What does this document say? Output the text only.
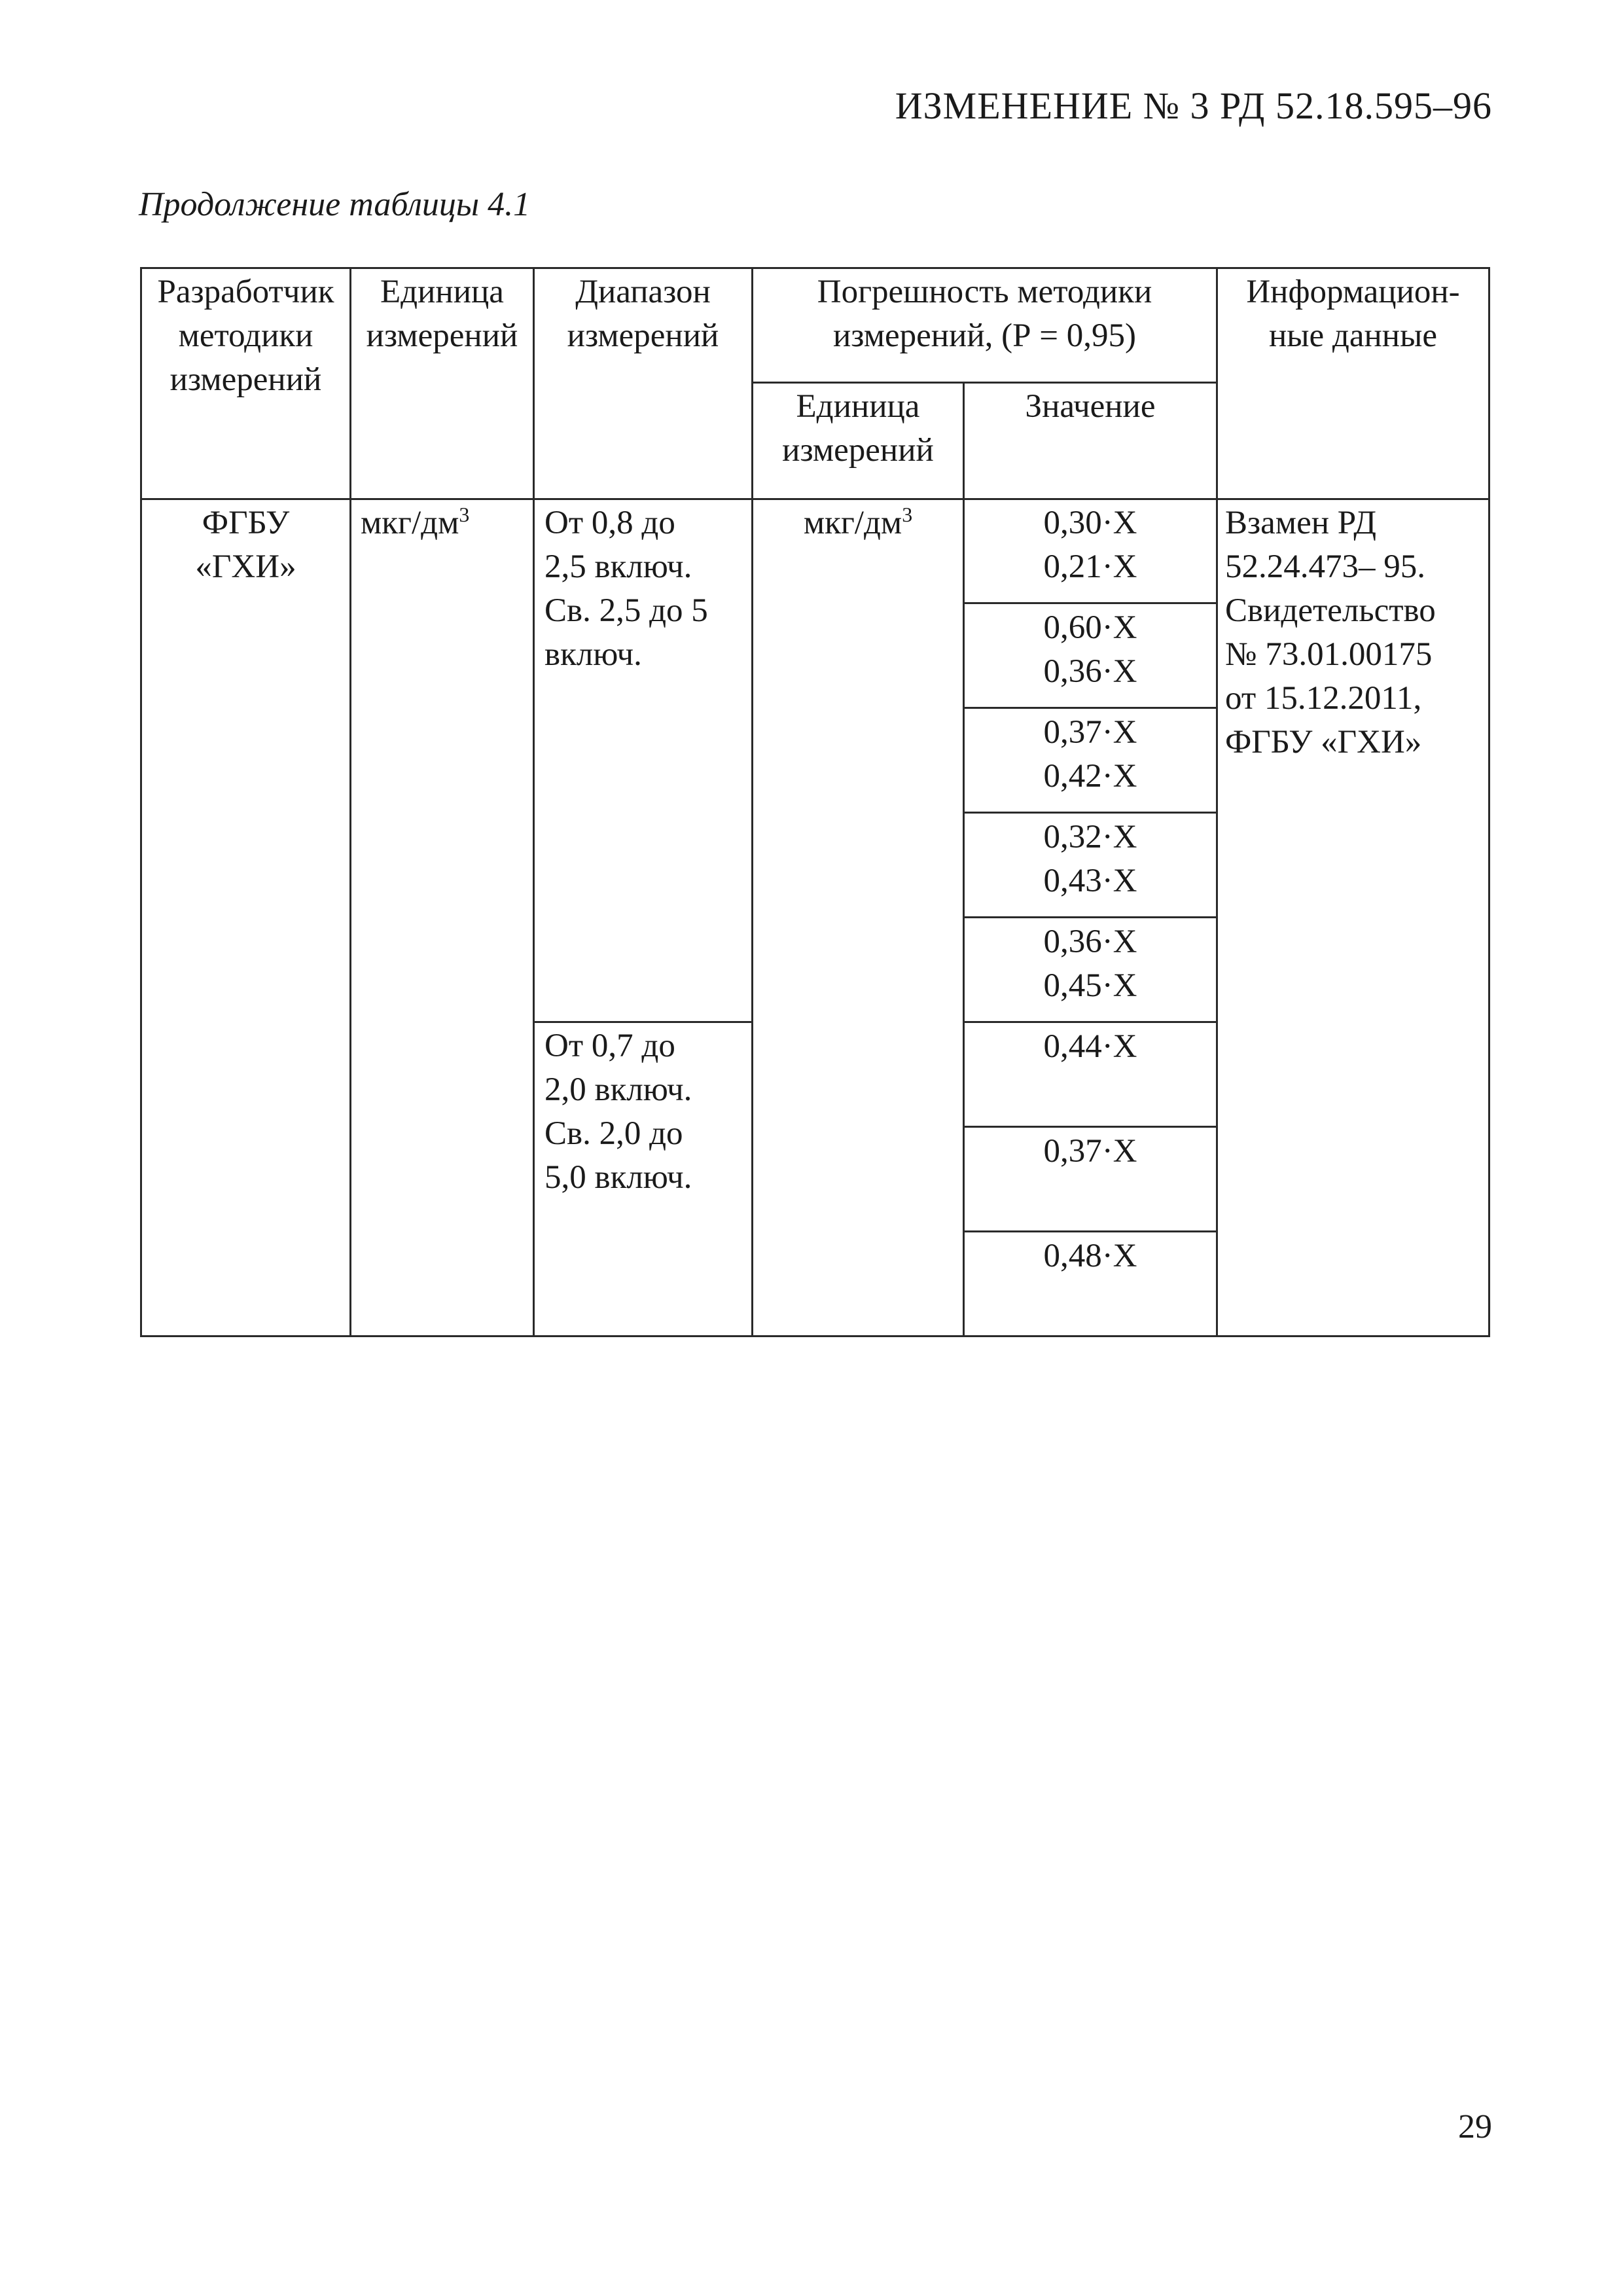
ИЗМЕНЕНИЕ № 3 РД 52.18.595–96
Продолжение таблицы 4.1
Разработчик
методики
измерений
Единица
измерений
Диапазон
измерений
Погрешность методики
измерений, (Р = 0,95)
Единица
измерений
Значение
Информацион-
ные данные
ФГБУ
«ГХИ»
мкг/$дм^3$ От 0,8 до
2,5 включ.
Св. 2,5 до 5
включ.
От 0,7 до
2,0 включ.
Св. 2,0 до
5,0 включ.
мкг/$дм^3$	0,30·Х
0,21·Х
0,60·Х
0,36·Х
0,37·Х
0,42·Х
0,32·Х
0,43·Х
0,36·Х
0,45·Х
0,44·Х
0,37·Х
0,48·Х
Взамен РД
52.24.473– 95.
Свидетельство
№ 73.01.00175
от 15.12.2011,
ФГБУ «ГХИ»
29
